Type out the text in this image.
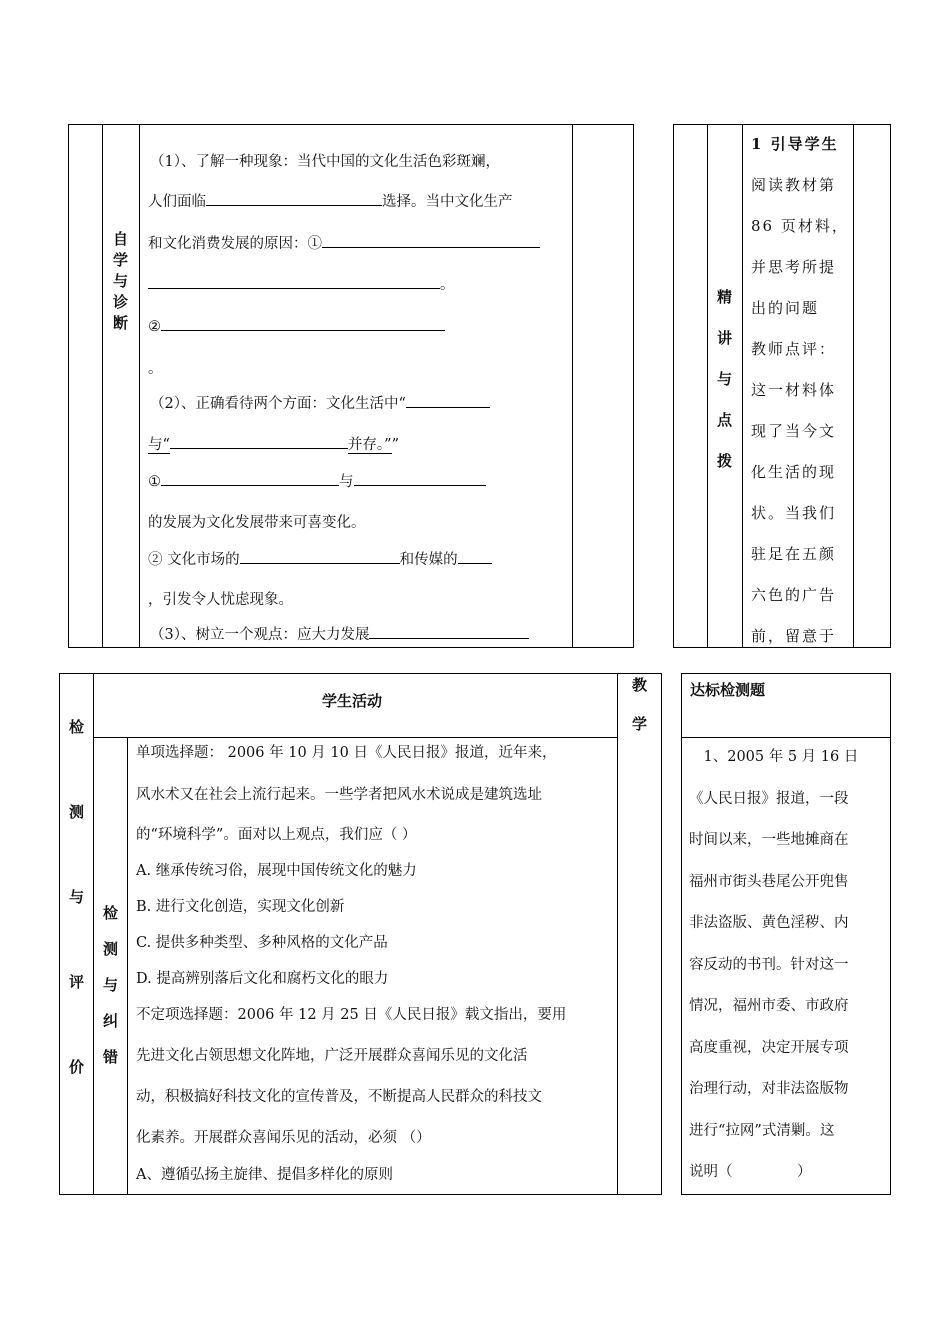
自
学
与
诊
断
（1）、了解一种现象：当代中国的文化生活色彩斑斓，
人们面临	选择。当中文化生产
和文化消费发展的原因：①
。
②
。
（2）、正确看待两个方面：文化生活中“
与“	并存。””
①	与
的发展为文化发展带来可喜变化。
② 文化市场的	和传媒的
，引发令人忧虑现象。
（3）、树立一个观点：应大力发展
精
讲
与
点
拨
1 引导学生
阅读教材第
86 页材料，
并思考所提
出的问题
教师点评：
这一材料体
现了当今文
化生活的现
状。当我们
驻足在五颜
六色的广告
前，留意于
检
测
与
评
价
学生活动
教
学
检
测
与
纠
错
单项选择题： 2006 年 10 月 10 日《人民日报》报道，近年来，
风水术又在社会上流行起来。一些学者把风水术说成是建筑选址
的“环境科学”。面对以上观点，我们应（ ）
A. 继承传统习俗，展现中国传统文化的魅力
B. 进行文化创造，实现文化创新
C. 提供多种类型、多种风格的文化产品
D. 提高辨别落后文化和腐朽文化的眼力
不定项选择题：2006 年 12 月 25 日《人民日报》载文指出，要用
先进文化占领思想文化阵地，广泛开展群众喜闻乐见的文化活
动，积极搞好科技文化的宣传普及，不断提高人民群众的科技文
化素养。开展群众喜闻乐见的活动，必须 （）
A、遵循弘扬主旋律、提倡多样化的原则
达标检测题
　1、2005 年 5 月 16 日
《人民日报》报道，一段
时间以来，一些地摊商在
福州市街头巷尾公开兜售
非法盗版、黄色淫秽、内
容反动的书刊。针对这一
情况，福州市委、市政府
高度重视，决定开展专项
治理行动，对非法盗版物
进行“拉网”式清剿。这
说明（              ）
